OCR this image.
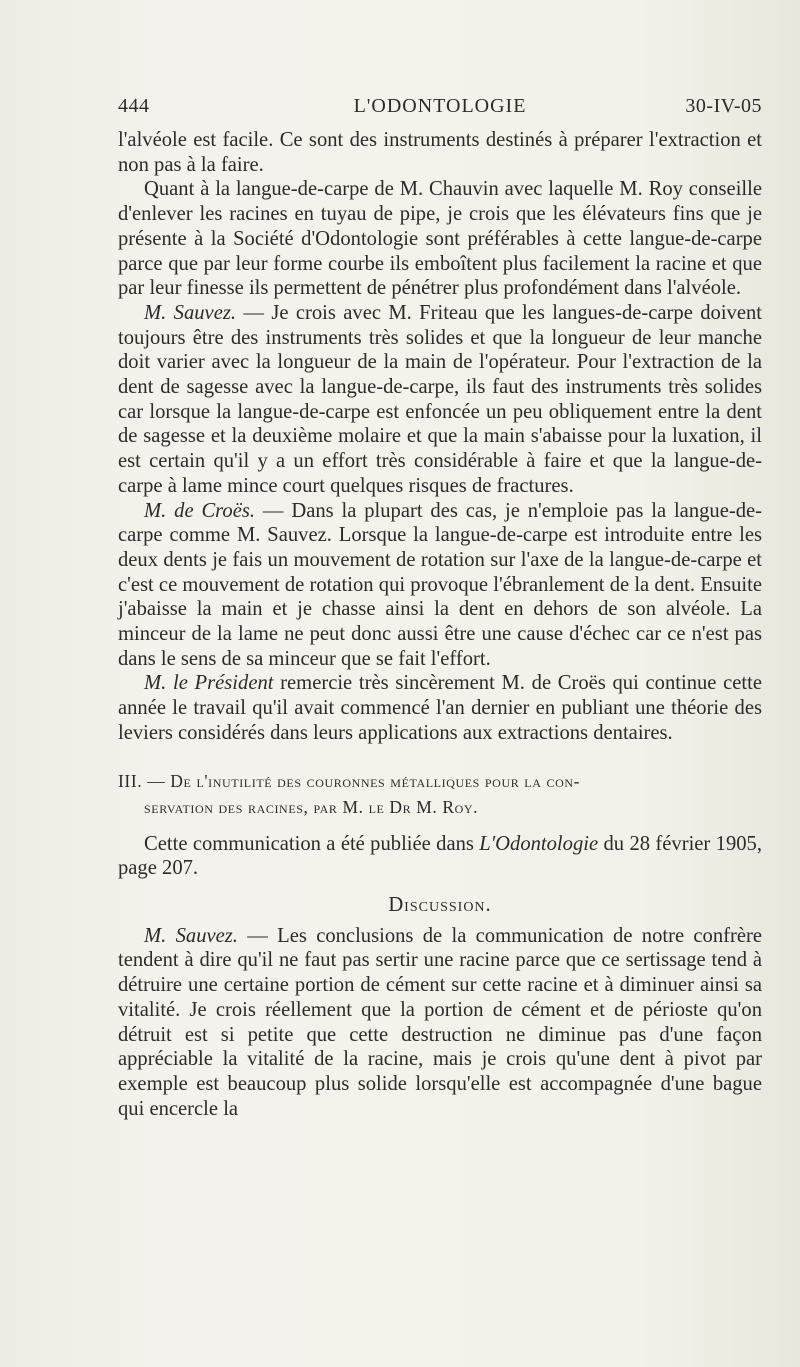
444	L'ODONTOLOGIE	30-IV-05

l'alvéole est facile. Ce sont des instruments destinés à préparer l'extraction et non pas à la faire.

Quant à la langue-de-carpe de M. Chauvin avec laquelle M. Roy conseille d'enlever les racines en tuyau de pipe, je crois que les élévateurs fins que je présente à la Société d'Odontologie sont préférables à cette langue-de-carpe parce que par leur forme courbe ils emboîtent plus facilement la racine et que par leur finesse ils permettent de pénétrer plus profondément dans l'alvéole.

M. Sauvez. — Je crois avec M. Friteau que les langues-de-carpe doivent toujours être des instruments très solides et que la longueur de leur manche doit varier avec la longueur de la main de l'opérateur. Pour l'extraction de la dent de sagesse avec la langue-de-carpe, ils faut des instruments très solides car lorsque la langue-de-carpe est enfoncée un peu obliquement entre la dent de sagesse et la deuxième molaire et que la main s'abaisse pour la luxation, il est certain qu'il y a un effort très considérable à faire et que la langue-de-carpe à lame mince court quelques risques de fractures.

M. de Croës. — Dans la plupart des cas, je n'emploie pas la langue-de-carpe comme M. Sauvez. Lorsque la langue-de-carpe est introduite entre les deux dents je fais un mouvement de rotation sur l'axe de la langue-de-carpe et c'est ce mouvement de rotation qui provoque l'ébranlement de la dent. Ensuite j'abaisse la main et je chasse ainsi la dent en dehors de son alvéole. La minceur de la lame ne peut donc aussi être une cause d'échec car ce n'est pas dans le sens de sa minceur que se fait l'effort.

M. le Président remercie très sincèrement M. de Croës qui continue cette année le travail qu'il avait commencé l'an dernier en publiant une théorie des leviers considérés dans leurs applications aux extractions dentaires.

III. — De l'inutilité des couronnes métalliques pour la con-
servation des racines, par M. le Dr M. Roy.

Cette communication a été publiée dans L'Odontologie du 28 février 1905, page 207.

Discussion.

M. Sauvez. — Les conclusions de la communication de notre confrère tendent à dire qu'il ne faut pas sertir une racine parce que ce sertissage tend à détruire une certaine portion de cément sur cette racine et à diminuer ainsi sa vitalité. Je crois réellement que la portion de cément et de périoste qu'on détruit est si petite que cette destruction ne diminue pas d'une façon appréciable la vitalité de la racine, mais je crois qu'une dent à pivot par exemple est beaucoup plus solide lorsqu'elle est accompagnée d'une bague qui encercle la
